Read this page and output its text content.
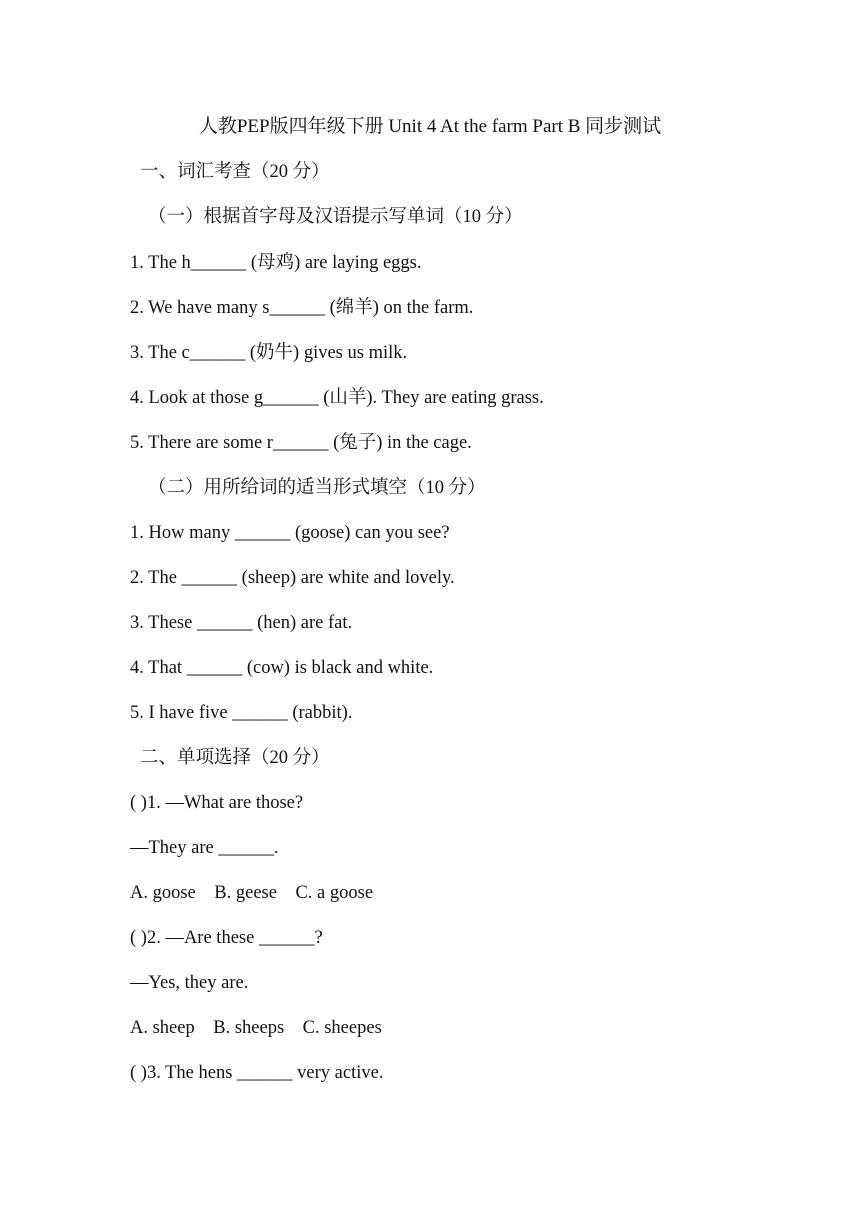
人教PEP版四年级下册 Unit 4 At the farm Part B 同步测试
一、词汇考查（20 分）
（一）根据首字母及汉语提示写单词（10 分）
1. The h______ (母鸡) are laying eggs.
2. We have many s______ (绵羊) on the farm.
3. The c______ (奶牛) gives us milk.
4. Look at those g______ (山羊). They are eating grass.
5. There are some r______ (兔子) in the cage.
（二）用所给词的适当形式填空（10 分）
1. How many ______ (goose) can you see?
2. The ______ (sheep) are white and lovely.
3. These ______ (hen) are fat.
4. That ______ (cow) is black and white.
5. I have five ______ (rabbit).
二、单项选择（20 分）
( )1. —What are those?
—They are ______.
A. goose    B. geese    C. a goose
( )2. —Are these ______?
—Yes, they are.
A. sheep    B. sheeps    C. sheepes
( )3. The hens ______ very active.
